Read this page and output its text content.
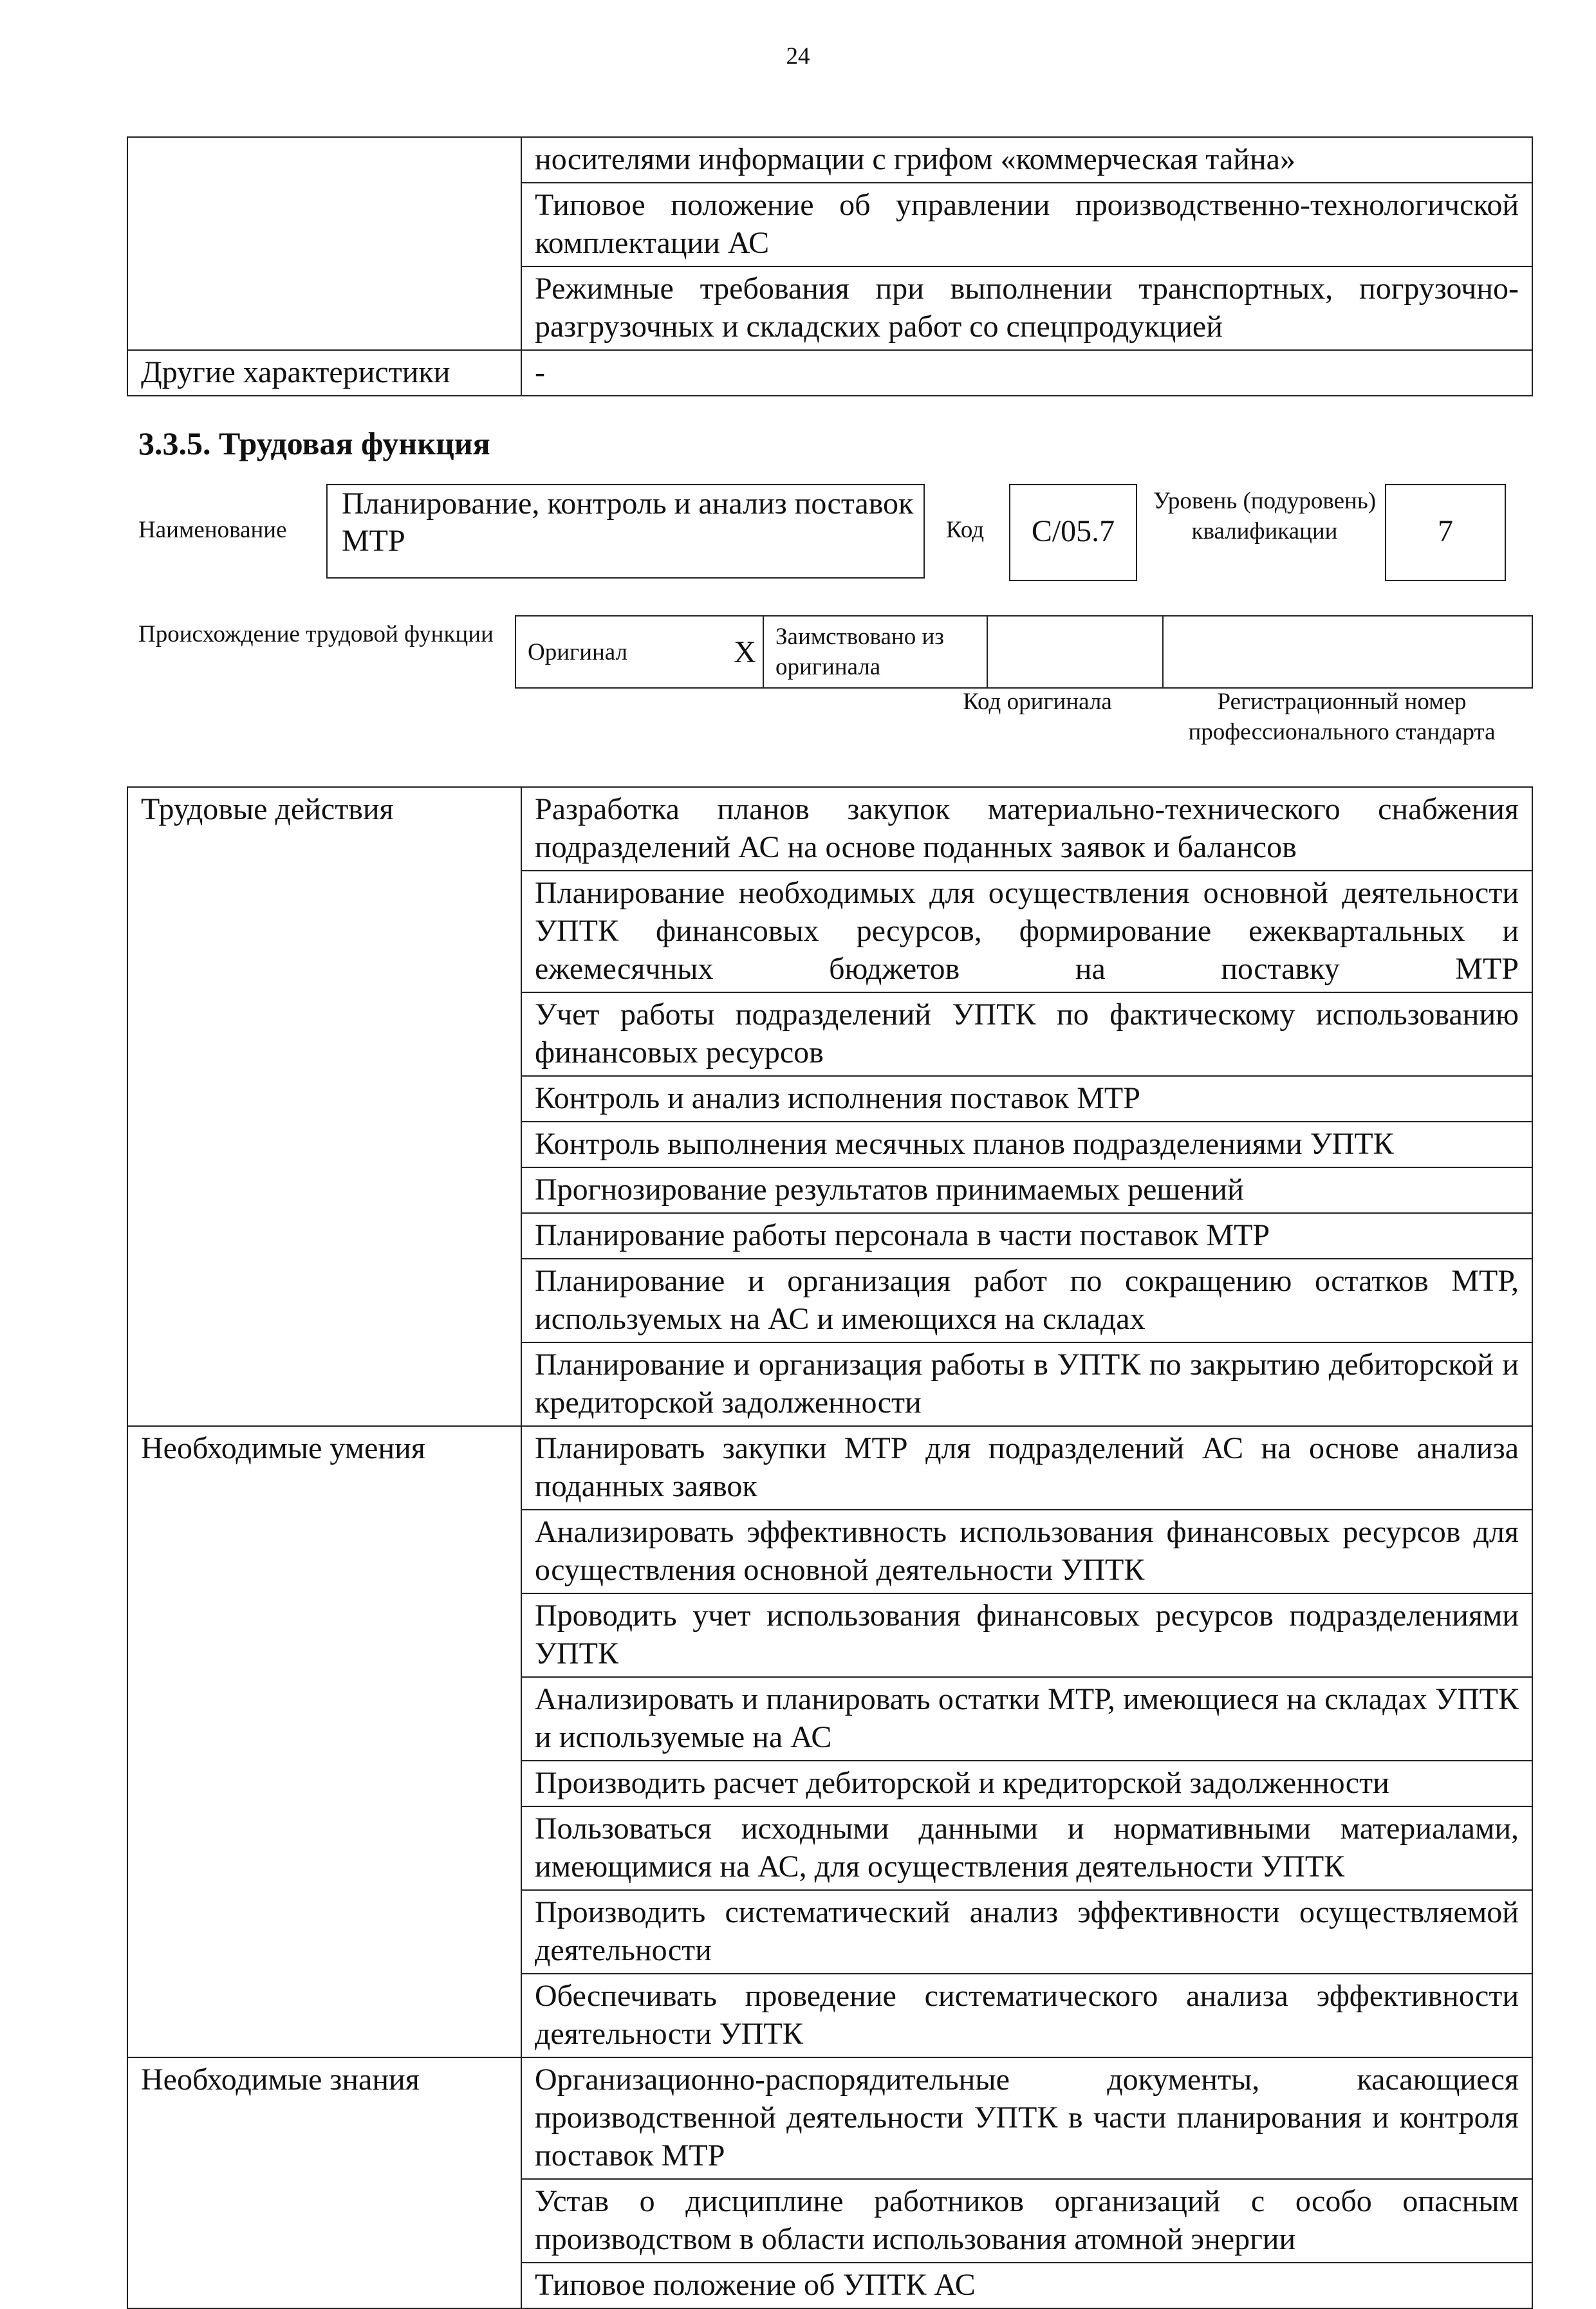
24
	носителями информации с грифом «коммерческая тайна»
	Типовое положение об управлении производственно-технологичской комплектации АС
	Режимные требования при выполнении транспортных, погрузочно-разгрузочных и складских работ со спецпродукцией
Другие характеристики	-
3.3.5. Трудовая функция
Наименование
Планирование, контроль и анализ поставок МТР	Код	C/05.7
Уровень (подуровень) квалификации	7
Происхождение трудовой функции
Оригинал	X	Заимствовано из оригинала		
Код оригинала	Регистрационный номер профессионального стандарта
Трудовые действия	Разработка планов закупок материально-технического снабжения подразделений АС на основе поданных заявок и балансов
	Планирование необходимых для осуществления основной деятельности УПТК финансовых ресурсов, формирование ежеквартальных и ежемесячных бюджетов на поставку МТР
	Учет работы подразделений УПТК по фактическому использованию финансовых ресурсов
	Контроль и анализ исполнения поставок МТР
	Контроль выполнения месячных планов подразделениями УПТК
	Прогнозирование результатов принимаемых решений
	Планирование работы персонала в части поставок МТР
	Планирование и организация работ по сокращению остатков МТР, используемых на АС и имеющихся на складах
	Планирование и организация работы в УПТК по закрытию дебиторской и кредиторской задолженности
Необходимые умения	Планировать закупки МТР для подразделений АС на основе анализа поданных заявок
	Анализировать эффективность использования финансовых ресурсов для осуществления основной деятельности УПТК
	Проводить учет использования финансовых ресурсов подразделениями УПТК
	Анализировать и планировать остатки МТР, имеющиеся на складах УПТК и используемые на АС
	Производить расчет дебиторской и кредиторской задолженности
	Пользоваться исходными данными и нормативными материалами, имеющимися на АС, для осуществления деятельности УПТК
	Производить систематический анализ эффективности осуществляемой деятельности
	Обеспечивать проведение систематического анализа эффективности деятельности УПТК
Необходимые знания	Организационно-распорядительные документы, касающиеся производственной деятельности УПТК в части планирования и контроля поставок МТР
	Устав о дисциплине работников организаций с особо опасным производством в области использования атомной энергии
	Типовое положение об УПТК АС
